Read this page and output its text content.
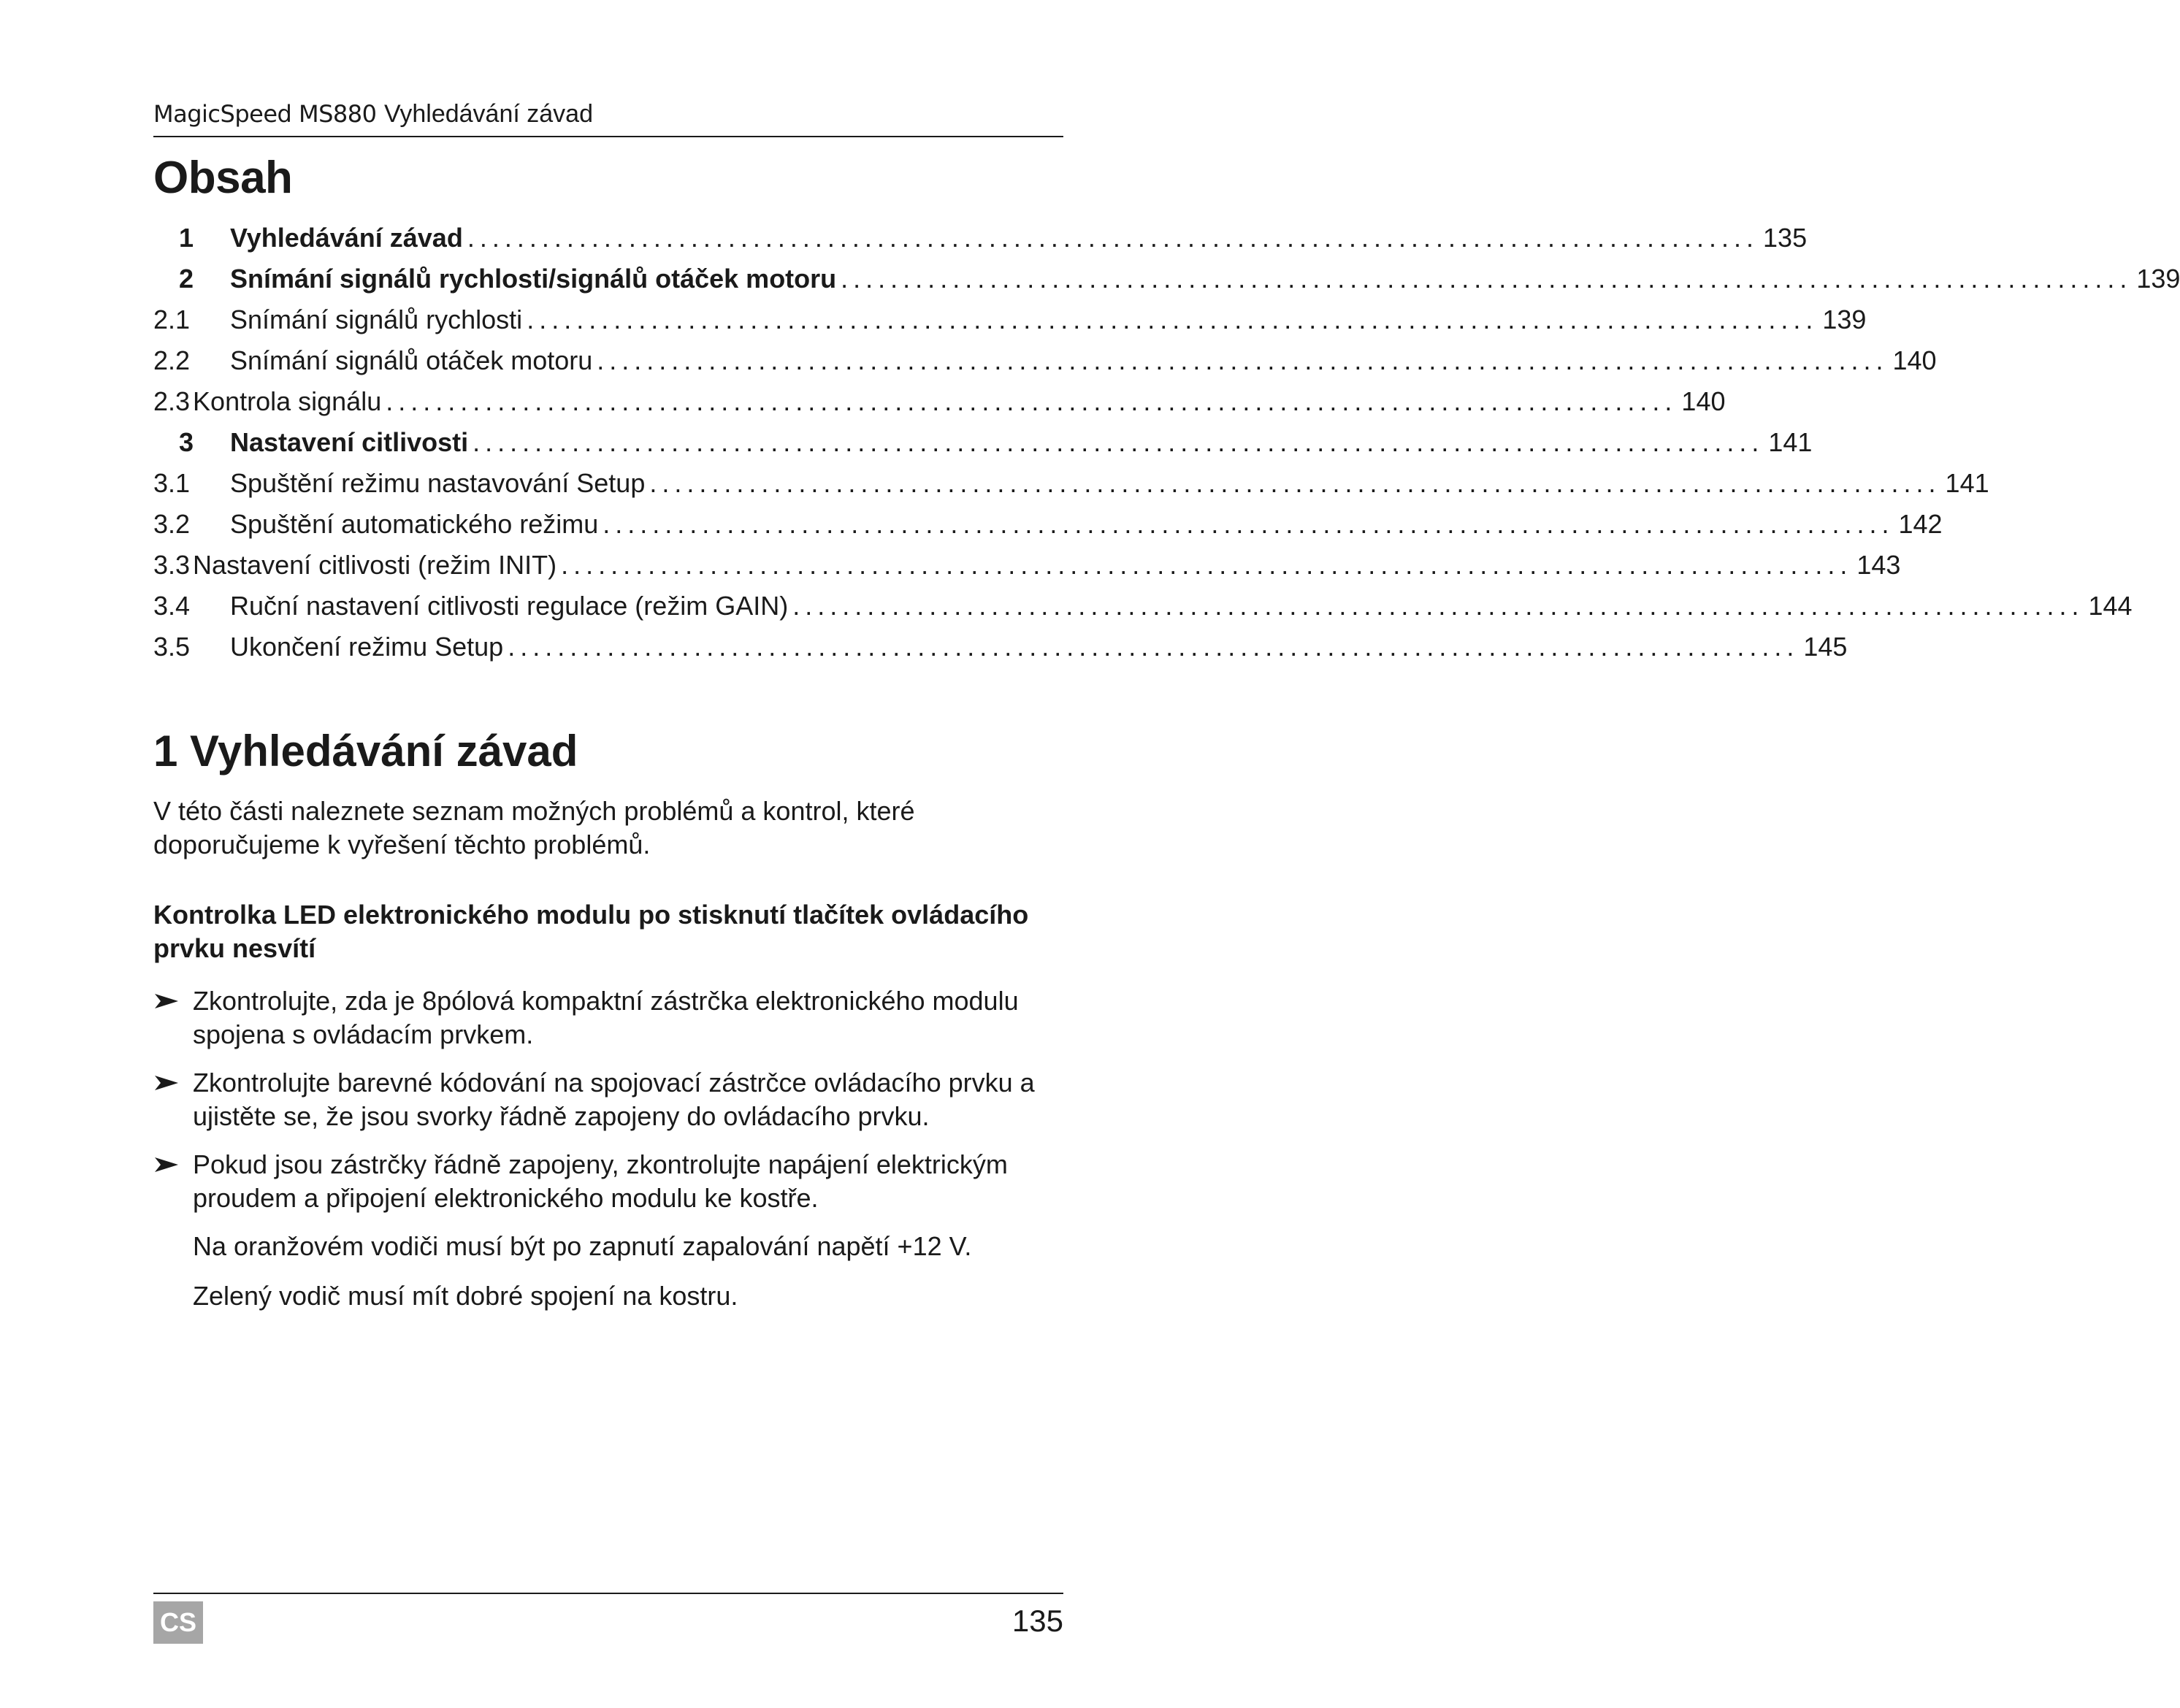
MagicSpeed MS880 Vyhledávání závad
Obsah
1	Vyhledávání závad ........................................................................................................ 135
2	Snímání signálů rychlosti/signálů otáček motoru ........................................................................................................ 139
2.1	Snímání signálů rychlosti ........................................................................................................ 139
2.2	Snímání signálů otáček motoru ........................................................................................................ 140
2.3 Kontrola signálu ........................................................................................................ 140
3	Nastavení citlivosti ........................................................................................................ 141
3.1	Spuštění režimu nastavování Setup ........................................................................................................ 141
3.2	Spuštění automatického režimu ........................................................................................................ 142
3.3 Nastavení citlivosti (režim INIT) ........................................................................................................ 143
3.4	Ruční nastavení citlivosti regulace (režim GAIN) ........................................................................................................ 144
3.5	Ukončení režimu Setup ........................................................................................................ 145
1 Vyhledávání závad

V této části naleznete seznam možných problémů a kontrol, které doporučujeme k vyřešení těchto problémů.

Kontrolka LED elektronického modulu po stisknutí tlačítek ovládacího prvku nesvítí
Zkontrolujte, zda je 8pólová kompaktní zástrčka elektronického modulu spojena s ovládacím prvkem.
Zkontrolujte barevné kódování na spojovací zástrčce ovládacího prvku a ujistěte se, že jsou svorky řádně zapojeny do ovládacího prvku.
Pokud jsou zástrčky řádně zapojeny, zkontrolujte napájení elektrickým proudem a připojení elektronického modulu ke kostře.
Na oranžovém vodiči musí být po zapnutí zapalování napětí +12 V.
Zelený vodič musí mít dobré spojení na kostru.
CS	135
